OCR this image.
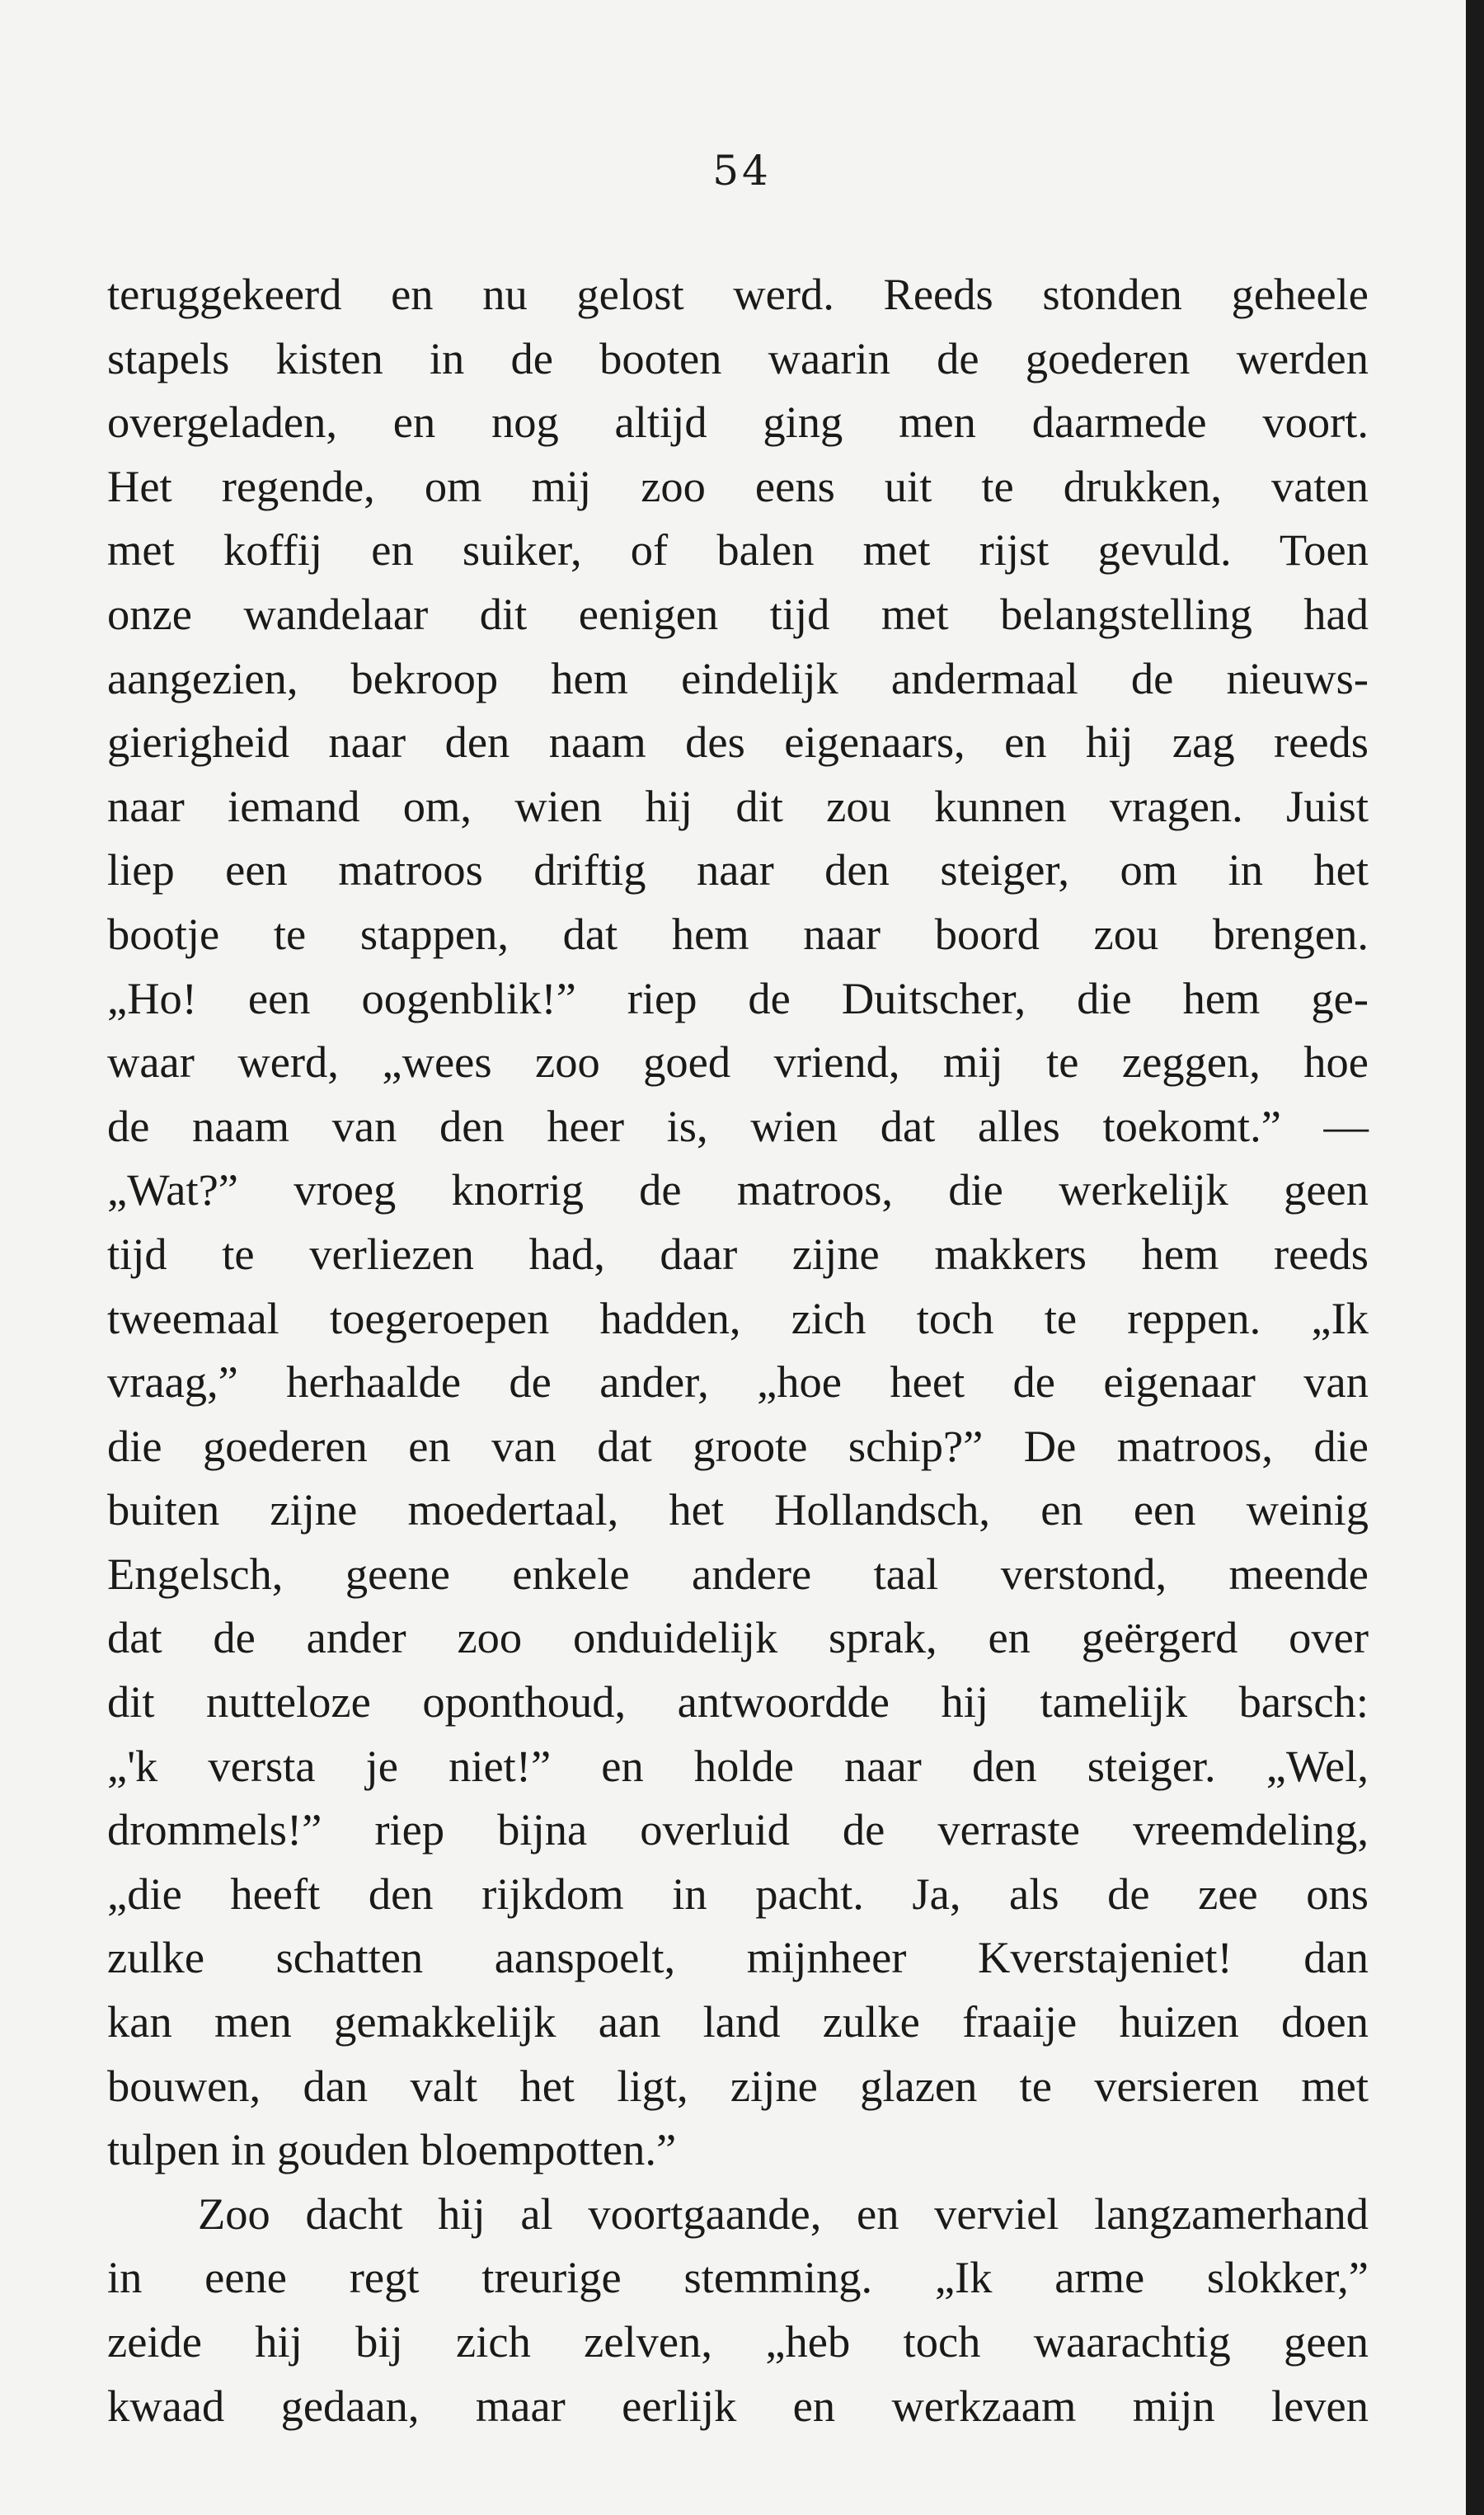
54
teruggekeerd en nu gelost werd. Reeds stonden geheele
stapels kisten in de booten waarin de goederen werden
overgeladen, en nog altijd ging men daarmede voort.
Het regende, om mij zoo eens uit te drukken, vaten
met koffij en suiker, of balen met rijst gevuld. Toen
onze wandelaar dit eenigen tijd met belangstelling had
aangezien, bekroop hem eindelijk andermaal de nieuws-
gierigheid naar den naam des eigenaars, en hij zag reeds
naar iemand om, wien hij dit zou kunnen vragen. Juist
liep een matroos driftig naar den steiger, om in het
bootje te stappen, dat hem naar boord zou brengen.
„Ho! een oogenblik!” riep de Duitscher, die hem ge-
waar werd, „wees zoo goed vriend, mij te zeggen, hoe
de naam van den heer is, wien dat alles toekomt.” —
„Wat?” vroeg knorrig de matroos, die werkelijk geen
tijd te verliezen had, daar zijne makkers hem reeds
tweemaal toegeroepen hadden, zich toch te reppen. „Ik
vraag,” herhaalde de ander, „hoe heet de eigenaar van
die goederen en van dat groote schip?” De matroos, die
buiten zijne moedertaal, het Hollandsch, en een weinig
Engelsch, geene enkele andere taal verstond, meende
dat de ander zoo onduidelijk sprak, en geërgerd over
dit nutteloze oponthoud, antwoordde hij tamelijk barsch:
„'k versta je niet!” en holde naar den steiger. „Wel,
drommels!” riep bijna overluid de verraste vreemdeling,
„die heeft den rijkdom in pacht. Ja, als de zee ons
zulke schatten aanspoelt, mijnheer Kverstajeniet! dan
kan men gemakkelijk aan land zulke fraaije huizen doen
bouwen, dan valt het ligt, zijne glazen te versieren met
tulpen in gouden bloempotten.”
Zoo dacht hij al voortgaande, en verviel langzamerhand
in eene regt treurige stemming. „Ik arme slokker,”
zeide hij bij zich zelven, „heb toch waarachtig geen
kwaad gedaan, maar eerlijk en werkzaam mijn leven
